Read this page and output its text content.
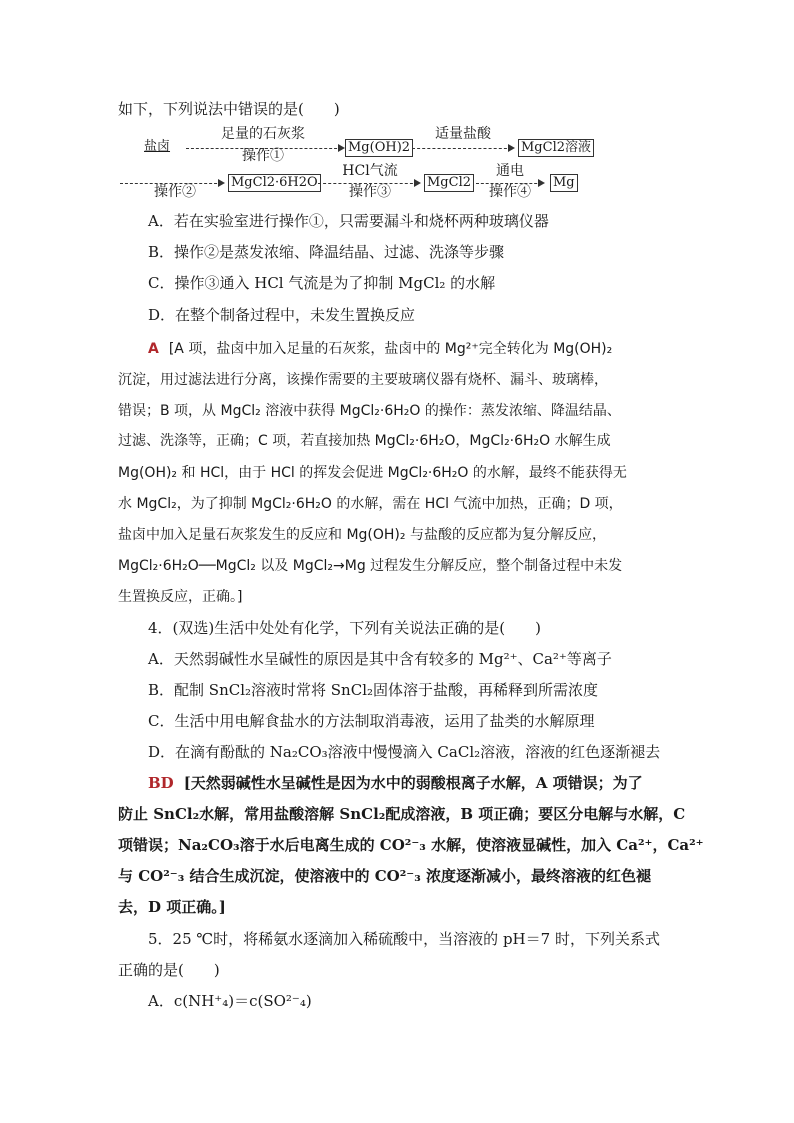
如下，下列说法中错误的是(　　)
盐卤
足量的石灰浆
操作①
Mg(OH)2
适量盐酸
MgCl2溶液
操作②
MgCl2·6H2O
HCl气流
操作③
MgCl2
通电
操作④
Mg
A．若在实验室进行操作①，只需要漏斗和烧杯两种玻璃仪器
B．操作②是蒸发浓缩、降温结晶、过滤、洗涤等步骤
C．操作③通入 HCl 气流是为了抑制 MgCl₂ 的水解
D．在整个制备过程中，未发生置换反应
A [A 项，盐卤中加入足量的石灰浆，盐卤中的 Mg²⁺完全转化为 Mg(OH)₂
沉淀，用过滤法进行分离，该操作需要的主要玻璃仪器有烧杯、漏斗、玻璃棒，
错误；B 项，从 MgCl₂ 溶液中获得 MgCl₂·6H₂O 的操作：蒸发浓缩、降温结晶、
过滤、洗涤等，正确；C 项，若直接加热 MgCl₂·6H₂O，MgCl₂·6H₂O 水解生成
Mg(OH)₂ 和 HCl，由于 HCl 的挥发会促进 MgCl₂·6H₂O 的水解，最终不能获得无
水 MgCl₂，为了抑制 MgCl₂·6H₂O 的水解，需在 HCl 气流中加热，正确；D 项，
盐卤中加入足量石灰浆发生的反应和 Mg(OH)₂ 与盐酸的反应都为复分解反应，
MgCl₂·6H₂O──MgCl₂ 以及 MgCl₂→Mg 过程发生分解反应，整个制备过程中未发
生置换反应，正确。]
4．(双选)生活中处处有化学，下列有关说法正确的是(　　)
A．天然弱碱性水呈碱性的原因是其中含有较多的 Mg²⁺、Ca²⁺等离子
B．配制 SnCl₂溶液时常将 SnCl₂固体溶于盐酸，再稀释到所需浓度
C．生活中用电解食盐水的方法制取消毒液，运用了盐类的水解原理
D．在滴有酚酞的 Na₂CO₃溶液中慢慢滴入 CaCl₂溶液，溶液的红色逐渐褪去
BD [天然弱碱性水呈碱性是因为水中的弱酸根离子水解，A 项错误；为了
防止 SnCl₂水解，常用盐酸溶解 SnCl₂配成溶液，B 项正确；要区分电解与水解，C
项错误；Na₂CO₃溶于水后电离生成的 CO²⁻₃ 水解，使溶液显碱性，加入 Ca²⁺，Ca²⁺
与 CO²⁻₃ 结合生成沉淀，使溶液中的 CO²⁻₃ 浓度逐渐减小，最终溶液的红色褪
去，D 项正确。]
5．25 ℃时，将稀氨水逐滴加入稀硫酸中，当溶液的 pH＝7 时，下列关系式
正确的是(　　)
A．c(NH⁺₄)＝c(SO²⁻₄)
